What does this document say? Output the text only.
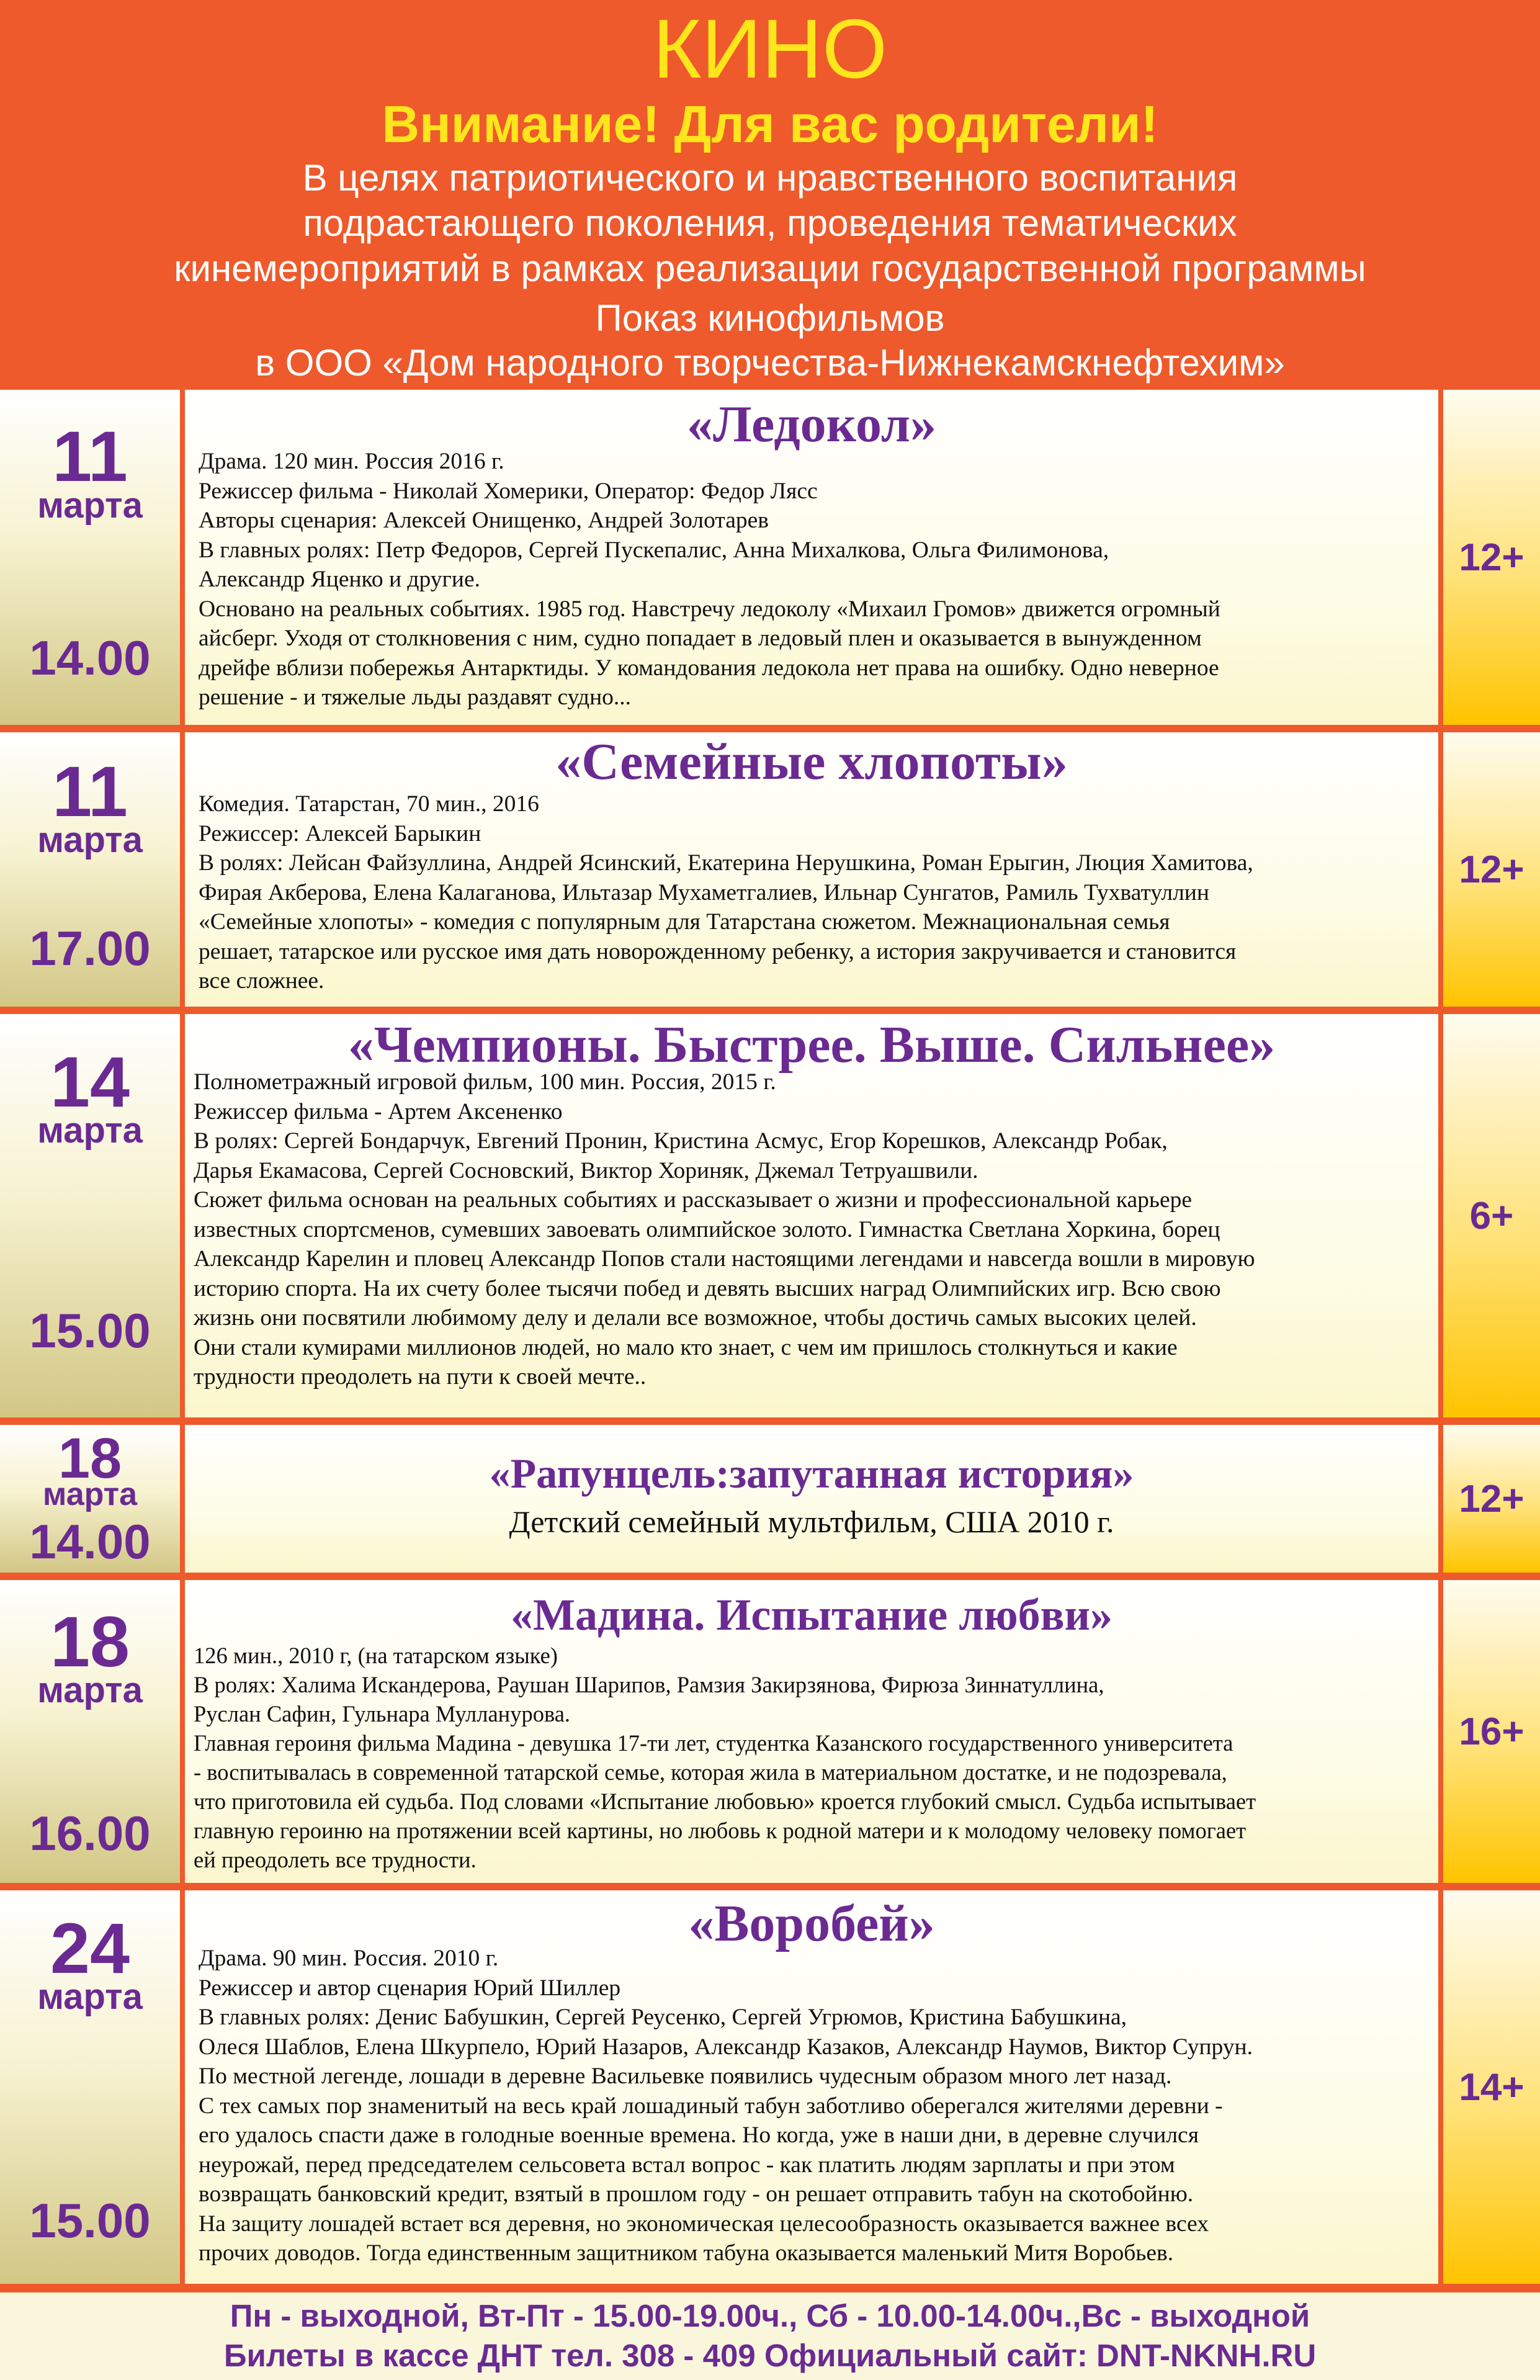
КИНО
Внимание! Для вас родители!
В целях патриотического и нравственного воспитания
подрастающего поколения, проведения тематических
кинемероприятий в рамках реализации государственной программы
Показ кинофильмов
в ООО «Дом народного творчества-Нижнекамскнефтехим»
11
марта
14.00
«Ледокол»
Драма. 120 мин. Россия 2016 г.
Режиссер фильма - Николай Хомерики, Оператор: Федор Лясс
Авторы сценария: Алексей Онищенко, Андрей Золотарев
В главных ролях: Петр Федоров, Сергей Пускепалис, Анна Михалкова, Ольга Филимонова,
Александр Яценко и другие.
Основано на реальных событиях. 1985 год. Навстречу ледоколу «Михаил Громов» движется огромный
айсберг. Уходя от столкновения с ним, судно попадает в ледовый плен и оказывается в вынужденном
дрейфе вблизи побережья Антарктиды. У командования ледокола нет права на ошибку. Одно неверное
решение - и тяжелые льды раздавят судно...
12+
11
марта
17.00
«Семейные хлопоты»
Комедия. Татарстан, 70 мин., 2016
Режиссер: Алексей Барыкин
В ролях: Лейсан Файзуллина, Андрей Ясинский, Екатерина Нерушкина, Роман Ерыгин, Люция Хамитова,
Фирая Акберова, Елена Калаганова, Ильтазар Мухаметгалиев, Ильнар Сунгатов, Рамиль Тухватуллин
«Семейные хлопоты» - комедия с популярным для Татарстана сюжетом. Межнациональная семья
решает, татарское или русское имя дать новорожденному ребенку, а история закручивается и становится
все сложнее.
12+
14
марта
15.00
«Чемпионы. Быстрее. Выше. Сильнее»
Полнометражный игровой фильм, 100 мин. Россия, 2015 г.
Режиссер фильма - Артем Аксененко
В ролях: Сергей Бондарчук, Евгений Пронин, Кристина Асмус, Егор Корешков, Александр Робак,
Дарья Екамасова, Сергей Сосновский, Виктор Хориняк, Джемал Тетруашвили.
Сюжет фильма основан на реальных событиях и рассказывает о жизни и профессиональной карьере
известных спортсменов, сумевших завоевать олимпийское золото. Гимнастка Светлана Хоркина, борец
Александр Карелин и пловец Александр Попов стали настоящими легендами и навсегда вошли в мировую
историю спорта. На их счету более тысячи побед и девять высших наград Олимпийских игр. Всю свою
жизнь они посвятили любимому делу и делали все возможное, чтобы достичь самых высоких целей.
Они стали кумирами миллионов людей, но мало кто знает, с чем им пришлось столкнуться и какие
трудности преодолеть на пути к своей мечте..
6+
18
марта
14.00
«Рапунцель:запутанная история»
Детский семейный мультфильм, США 2010 г.
12+
18
марта
16.00
«Мадина. Испытание любви»
126 мин., 2010 г, (на татарском языке)
В ролях: Халима Искандерова, Раушан Шарипов, Рамзия Закирзянова, Фирюза Зиннатуллина,
Руслан Сафин, Гульнара Мулланурова.
Главная героиня фильма Мадина - девушка 17-ти лет, студентка Казанского государственного университета
- воспитывалась в современной татарской семье, которая жила в материальном достатке, и не подозревала,
что приготовила ей судьба. Под словами «Испытание любовью» кроется глубокий смысл. Судьба испытывает
главную героиню на протяжении всей картины, но любовь к родной матери и к молодому человеку помогает
ей преодолеть все трудности.
16+
24
марта
15.00
«Воробей»
Драма. 90 мин. Россия. 2010 г.
Режиссер и автор сценария Юрий Шиллер
В главных ролях: Денис Бабушкин, Сергей Реусенко, Сергей Угрюмов, Кристина Бабушкина,
Олеся Шаблов, Елена Шкурпело, Юрий Назаров, Александр Казаков, Александр Наумов, Виктор Супрун.
По местной легенде, лошади в деревне Васильевке появились чудесным образом много лет назад.
С тех самых пор знаменитый на весь край лошадиный табун заботливо оберегался жителями деревни -
его удалось спасти даже в голодные военные времена. Но когда, уже в наши дни, в деревне случился
неурожай, перед председателем сельсовета встал вопрос - как платить людям зарплаты и при этом
возвращать банковский кредит, взятый в прошлом году - он решает отправить табун на скотобойню.
На защиту лошадей встает вся деревня, но экономическая целесообразность оказывается важнее всех
прочих доводов. Тогда единственным защитником табуна оказывается маленький Митя Воробьев.
14+
Пн - выходной, Вт-Пт - 15.00-19.00ч., Сб - 10.00-14.00ч.,Вс - выходной
Билеты в кассе ДНТ тел. 308 - 409 Официальный сайт: DNT-NKNH.RU
